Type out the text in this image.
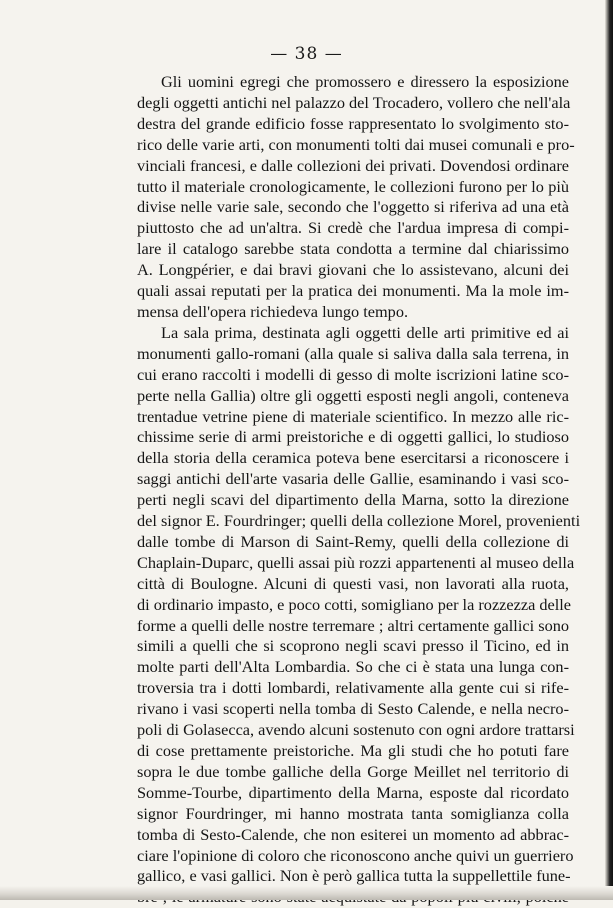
— 38 —
Gli uomini egregi che promossero e diressero la esposizione
degli oggetti antichi nel palazzo del Trocadero, vollero che nell'ala
destra del grande edificio fosse rappresentato lo svolgimento sto-
rico delle varie arti, con monumenti tolti dai musei comunali e pro-
vinciali francesi, e dalle collezioni dei privati. Dovendosi ordinare
tutto il materiale cronologicamente, le collezioni furono per lo più
divise nelle varie sale, secondo che l'oggetto si riferiva ad una età
piuttosto che ad un'altra. Si credè che l'ardua impresa di compi-
lare il catalogo sarebbe stata condotta a termine dal chiarissimo
A. Longpérier, e dai bravi giovani che lo assistevano, alcuni dei
quali assai reputati per la pratica dei monumenti. Ma la mole im-
mensa dell'opera richiedeva lungo tempo.
La sala prima, destinata agli oggetti delle arti primitive ed ai
monumenti gallo-romani (alla quale si saliva dalla sala terrena, in
cui erano raccolti i modelli di gesso di molte iscrizioni latine sco-
perte nella Gallia) oltre gli oggetti esposti negli angoli, conteneva
trentadue vetrine piene di materiale scientifico. In mezzo alle ric-
chissime serie di armi preistoriche e di oggetti gallici, lo studioso
della storia della ceramica poteva bene esercitarsi a riconoscere i
saggi antichi dell'arte vasaria delle Gallie, esaminando i vasi sco-
perti negli scavi del dipartimento della Marna, sotto la direzione
del signor E. Fourdringer; quelli della collezione Morel, provenienti
dalle tombe di Marson di Saint-Remy, quelli della collezione di
Chaplain-Duparc, quelli assai più rozzi appartenenti al museo della
città di Boulogne. Alcuni di questi vasi, non lavorati alla ruota,
di ordinario impasto, e poco cotti, somigliano per la rozzezza delle
forme a quelli delle nostre terremare ; altri certamente gallici sono
simili a quelli che si scoprono negli scavi presso il Ticino, ed in
molte parti dell'Alta Lombardia. So che ci è stata una lunga con-
troversia tra i dotti lombardi, relativamente alla gente cui si rife-
rivano i vasi scoperti nella tomba di Sesto Calende, e nella necro-
poli di Golasecca, avendo alcuni sostenuto con ogni ardore trattarsi
di cose prettamente preistoriche. Ma gli studi che ho potuti fare
sopra le due tombe galliche della Gorge Meillet nel territorio di
Somme-Tourbe, dipartimento della Marna, esposte dal ricordato
signor Fourdringer, mi hanno mostrata tanta somiglianza colla
tomba di Sesto-Calende, che non esiterei un momento ad abbrac-
ciare l'opinione di coloro che riconoscono anche quivi un guerriero
gallico, e vasi gallici. Non è però gallica tutta la suppellettile fune-
